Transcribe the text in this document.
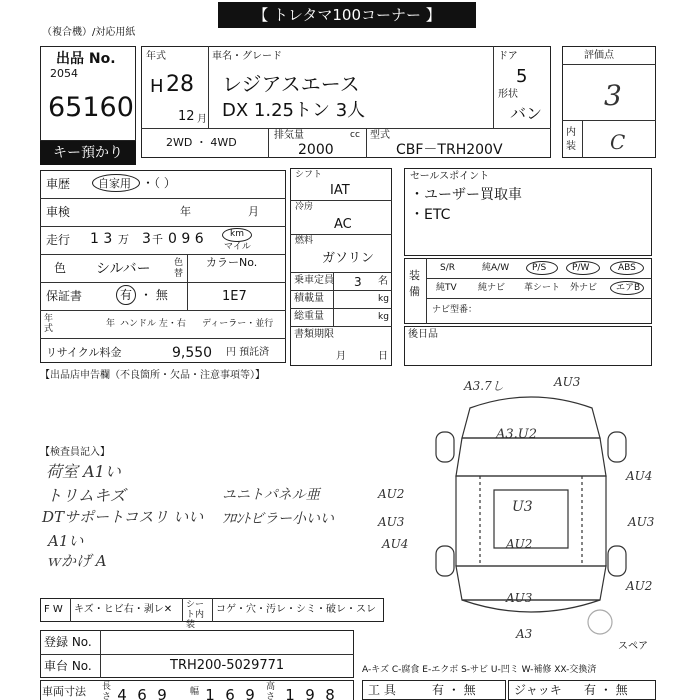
【 トレタマ100コーナー 】
（複合機）/対応用紙
出品 No.
2054
65160
キー預かり
年式
H 28
12 月
車名・グレード
レジアスエース
DX 1.25トン 3人
ドア
5
形状
バン
2WD ・ 4WD
排気量	cc
2000
型式
CBF－TRH200V
評価点
3
内装 C
車歴	自家用 ・（ ）
車検	年	月
走行 1 3 万 3 千 0 9 6	km
マイル
色 シルバー	色替
カラーNo.
1E7
保証書	有 ・ 無
年式	年 ハンドル 左・右 ディーラー・並行
リサイクル料金	9,550 円 預託済
シフト
IAT
冷房
AC
燃料
ガソリン
乗車定員 3 名
積載量	kg
総重量	kg
書類期限
月	日
セールスポイント
・ユーザー買取車
・ETC
装備
S/R	純A/W	P/S	P/W	ABS
純TV 純ナビ 革シート 外ナビ エアB
ナビ型番：
後日品
【出品店申告欄（不良箇所・欠品・注意事項等）】
【検査員記入】
荷室 A1い
トリムキズ
DTサポートコスリ いい
A1い
ｗかげ A
ユニトパネル亜
ﾌﾛﾝﾄビラー小いい
A3.7し	AU3
A3.U2
AU4
AU2
AU3	AU3
AU4
U3
AU2
AU3
A3
AU2
スペア
F W キズ・ヒビ右・剥レ✕ シート内装
コゲ・穴・汚レ・シミ・破レ・スレ
登録 No.
車台 No.	TRH200-5029771	A-キズ C-腐食 E-エクボ S-サビ U-凹ミ W-補修 XX-交換済
車両寸法 長さ 4 6 9	幅 1 6 9	高さ 1 9 8	工 具	有 ・ 無	ジャッキ 有 ・ 無
